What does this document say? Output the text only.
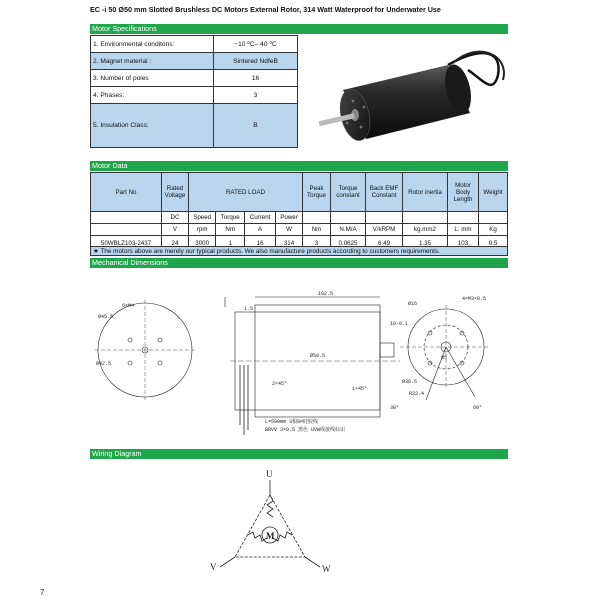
EC -i 50 Ø50 mm Slotted Brushless DC Motors External Rotor, 314 Watt Waterproof for Underwater Use
Motor Specifications
1. Environmental conditons:	−10 ⁰C– 40 ⁰C
2. Magnet material :	Sintered NdfeB
3. Number of poles	16
4. Phases:	3
5. Insulation Class:	B
Motor Data
Part No	Rated Voltage	RATED LOAD				Peak Torque	Torque constant	Back EMF Constant	Rotor inertia	Motor Body Length	Weight
	DC	Speed	Torque	Current	Power						
	V	rpm	Nm	A	W	Nm	N.M/A	V/kRPM	kg.mm2	L: mm	Kg
50WBLZ103-2437	24	3000	1	16	314	3	0.0625	6.49	1.35	103	0.5
★ The motors above are merely our typical products. We also manufacture products according to customers requirements.
Mechanical Dimensions
6×M4
Ø45.5
Ø42.5
102.5
1.5
10-0.1
Ø50.5
2×45°
1×45°
L=500mm 3根8#硅胶线
BRVV 3×0.5 黑色 UVW线接线标识
Ø16
4×M3×8.5
Ø36.5
R22.4
30°	60°
Ø5
Wiring Diagram
U
V	W
M
7
